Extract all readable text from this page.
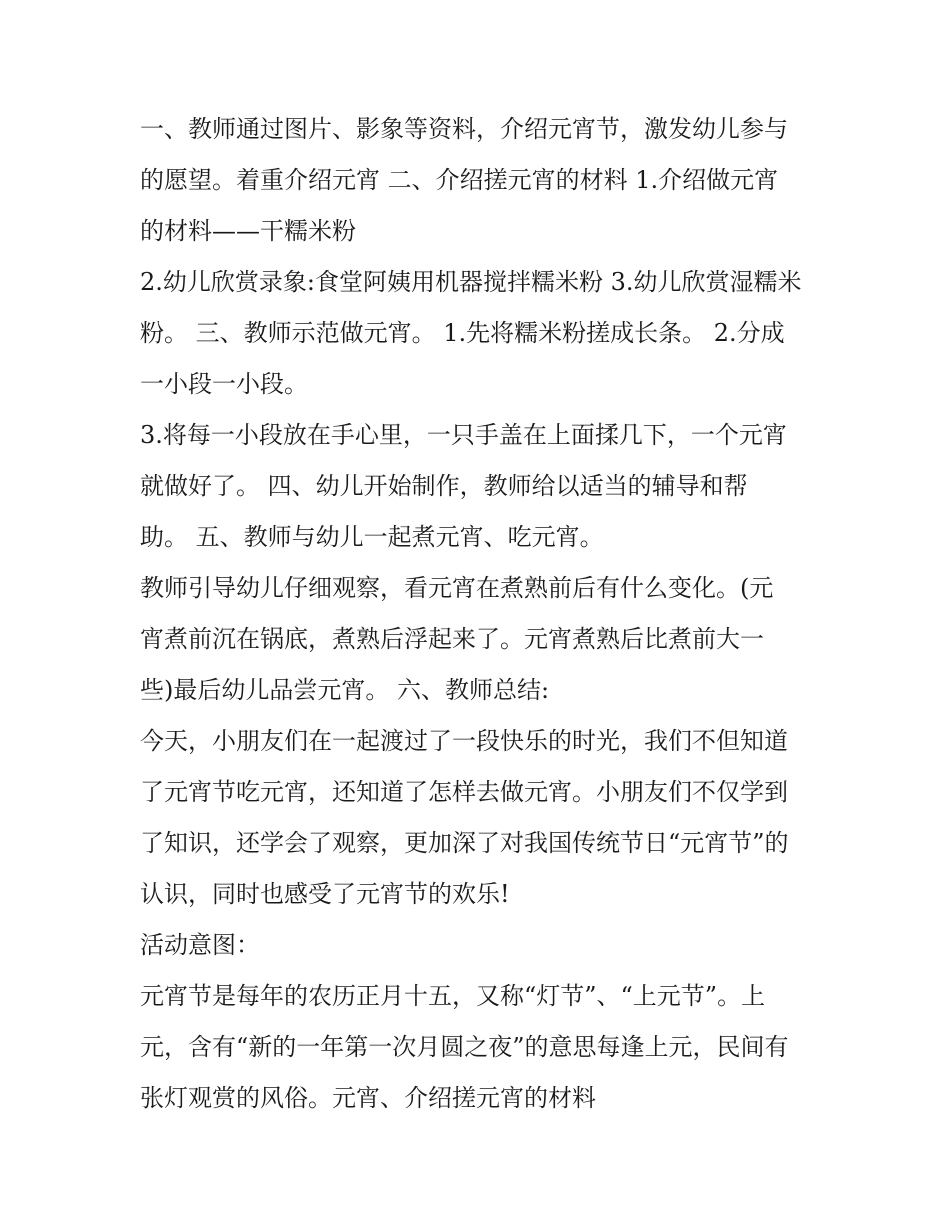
一、教师通过图片、影象等资料，介绍元宵节，激发幼儿参与
的愿望。着重介绍元宵 二、介绍搓元宵的材料 1.介绍做元宵
的材料——干糯米粉
2.幼儿欣赏录象:食堂阿姨用机器搅拌糯米粉 3.幼儿欣赏湿糯米
粉。 三、教师示范做元宵。 1.先将糯米粉搓成长条。 2.分成
一小段一小段。
3.将每一小段放在手心里，一只手盖在上面揉几下，一个元宵
就做好了。 四、幼儿开始制作，教师给以适当的辅导和帮
助。 五、教师与幼儿一起煮元宵、吃元宵。
教师引导幼儿仔细观察，看元宵在煮熟前后有什么变化。(元
宵煮前沉在锅底，煮熟后浮起来了。元宵煮熟后比煮前大一
些)最后幼儿品尝元宵。 六、教师总结:
今天，小朋友们在一起渡过了一段快乐的时光，我们不但知道
了元宵节吃元宵，还知道了怎样去做元宵。小朋友们不仅学到
了知识，还学会了观察，更加深了对我国传统节日“元宵节”的
认识，同时也感受了元宵节的欢乐!
活动意图：
元宵节是每年的农历正月十五，又称“灯节”、“上元节”。上
元，含有“新的一年第一次月圆之夜”的意思每逢上元，民间有
张灯观赏的风俗。元宵、介绍搓元宵的材料
